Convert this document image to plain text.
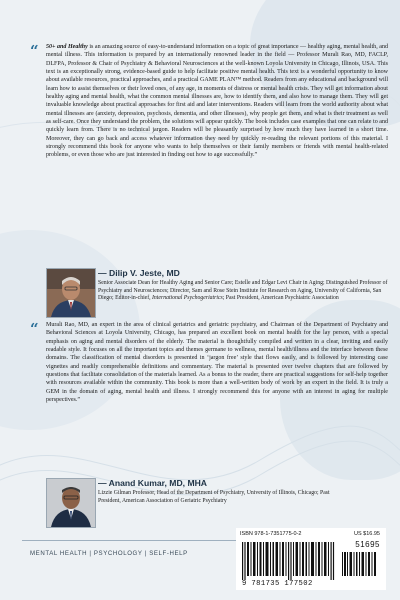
“ 50+ and Healthy is an amazing source of easy-to-understand information on a topic of great importance — healthy aging, mental health, and mental illness. This information is prepared by an internationally renowned leader in the field — Professor Murali Rao, MD, FACLP, DLFPA, Professor & Chair of Psychiatry & Behavioral Neurosciences at the well-known Loyola University in Chicago, Illinois, USA. This text is an exceptionally strong, evidence-based guide to help facilitate positive mental health. This text is a wonderful opportunity to know about available resources, practical approaches, and a practical GAME PLAN™ method. Readers from any educational and background will learn how to assist themselves or their loved ones, of any age, in moments of distress or mental health crisis. They will get information about healthy aging and mental health, what the common mental illnesses are, how to identify them, and also how to manage them. They will get invaluable knowledge about practical approaches for first aid and later interventions. Readers will learn from the world authority about what mental illnesses are (anxiety, depression, psychosis, dementia, and other illnesses), why people get them, and what is their treatment as well as self-care. Once they understand the problem, the solutions will appear quickly. The book includes case examples that one can relate to and quickly learn from. There is no technical jargon. Readers will be pleasantly surprised by how much they have learned in a short time. Moreover, they can go back and access whatever information they need by quickly re-reading the relevant portions of this material. I strongly recommend this book for anyone who wants to help themselves or their family members or friends with mental health-related problems, or even those who are just interested in finding out how to age successfully.”

— Dilip V. Jeste, MD

Senior Associate Dean for Healthy Aging and Senior Care; Estelle and Edgar Levi Chair in Aging; Distinguished Professor of Psychiatry and Neurosciences; Director, Sam and Rose Stein Institute for Research on Aging, University of California, San Diego; Editor-in-chief, International Psychogeriatrics; Past President, American Psychiatric Association

“ Murali Rao, MD, an expert in the area of clinical geriatrics and geriatric psychiatry, and Chairman of the Department of Psychiatry and Behavioral Sciences at Loyola University, Chicago, has prepared an excellent book on mental health for the lay person, with a special emphasis on aging and mental disorders of the elderly. The material is thoughtfully compiled and written in a clear, inviting and easily readable style. It focuses on all the important topics and themes germane to wellness, mental health/illness and the interface between these domains. The classification of mental disorders is presented in ‘jargon free’ style that flows easily, and is followed by interesting case vignettes and readily comprehensible definitions and commentary. The material is presented over twelve chapters that are followed by questions that facilitate consolidation of the materials learned. As a bonus to the reader, there are practical suggestions for self-help together with resources available within the community. This book is more than a well-written body of work by an expert in the field. It is truly a GEM in the domain of aging, mental health and illness. I strongly recommend this for anyone with an interest in aging for multiple perspectives.”

— Anand Kumar, MD, MHA

Lizzie Gilman Professor, Head of the Department of Psychiatry, University of Illinois, Chicago; Past President, American Association of Geriatric Psychiatry

MENTAL HEALTH | PSYCHOLOGY | SELF-HELP
ISBN 978-1-7351775-0-2	US $16.95
51695
9 781735 177502
